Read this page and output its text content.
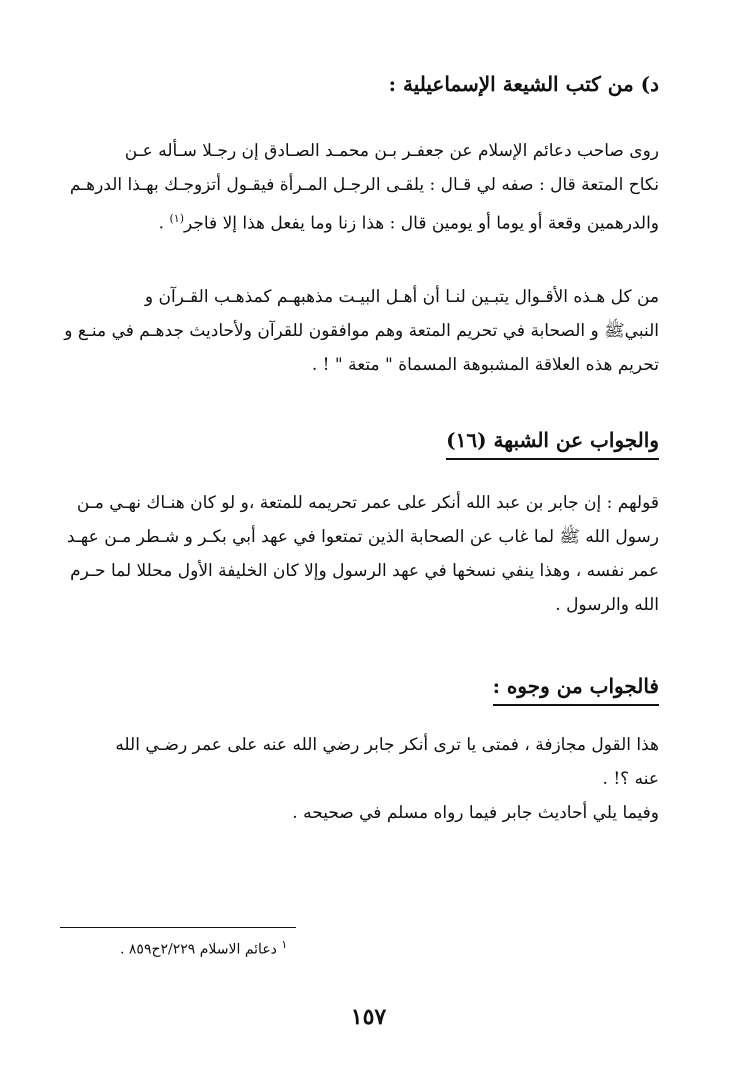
د) من كتب الشيعة الإسماعيلية :
روى صاحب دعائم الإسلام عن جعفـر بـن محمـد الصـادق إن رجـلا سـأله عـن
نكاح المتعة قال : صفه لي قـال : يلقـى الرجـل المـرأة فيقـول أتزوجـك بهـذا الدرهـم
والدرهمين وقعة أو يوما أو يومين قال : هذا زنا وما يفعل هذا إلا فاجر$^{(١)}$ .
من كل هـذه الأقـوال يتبـين لنـا أن أهـل البيـت مذهبهـم كمذهـب القـرآن و
النبيﷺ و الصحابة في تحريم المتعة وهم موافقون للقرآن ولأحاديث جدهـم في منـع و
تحريم هذه العلاقة المشبوهة المسماة " متعة " ! .
والجواب عن الشبهة (١٦)
قولهم : إن جابر بن عبد الله أنكر على عمر تحريمه للمتعة ،و لو كان هنـاك نهـي مـن
رسول الله ﷺ لما غاب عن الصحابة الذين تمتعوا في عهد أبي بكـر و شـطر مـن عهـد
عمر نفسه ، وهذا ينفي نسخها في عهد الرسول وإلا كان الخليفة الأول محللا لما حـرم
الله والرسول .
فالجواب من وجوه :
هذا القول مجازفة ، فمتى يا ترى أنكر جابر رضي الله عنه على عمر رضـي الله
عنه ؟! .
وفيما يلي أحاديث جابر فيما رواه مسلم في صحيحه .
$^١$ دعائم الاسلام ٢/٢٢٩ح٨٥٩ .
١٥٧
